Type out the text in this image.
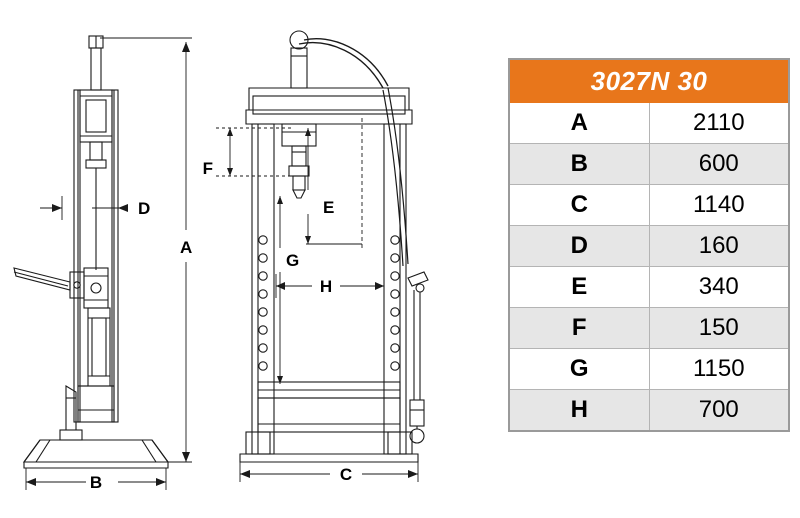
A
B
D
C
E
F
G
H
3027N 30	
A	2110
B	600
C	1140
D	160
E	340
F	150
G	1150
H	700
